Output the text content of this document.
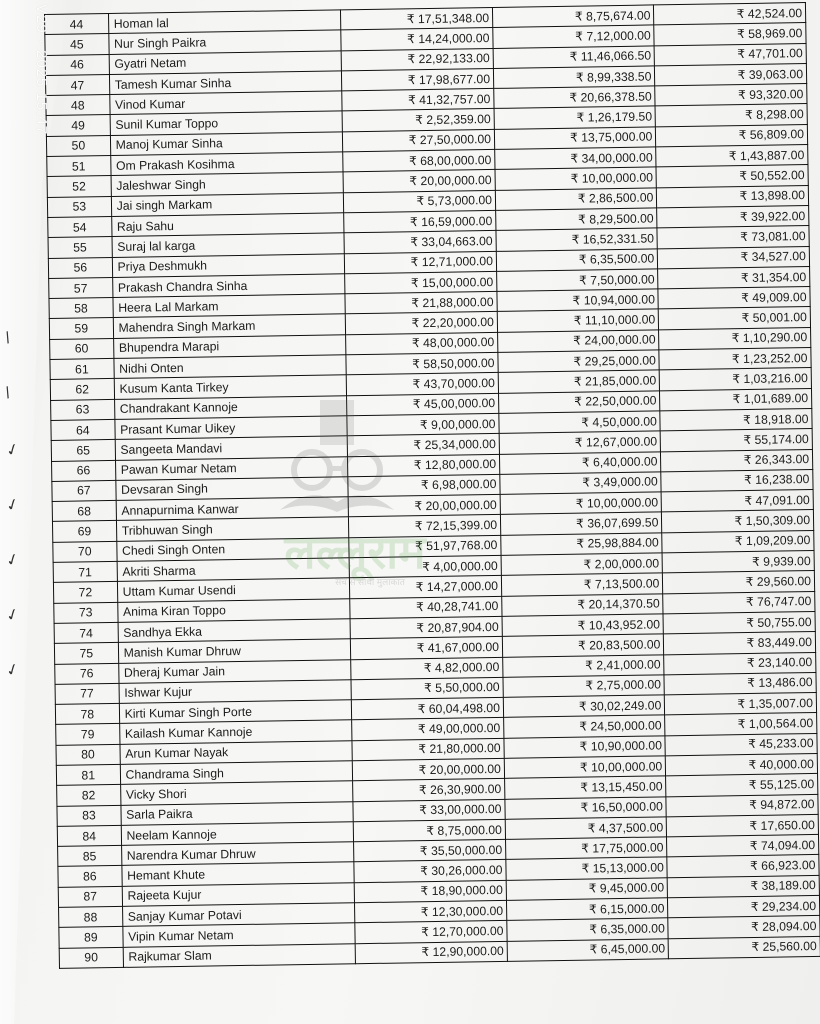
V29 · 2025 15:47
/
/
✓
✓
✓
✓
✓
44	Homan lal	₹ 17,51,348.00	₹ 8,75,674.00	₹ 42,524.00
45	Nur Singh Paikra	₹ 14,24,000.00	₹ 7,12,000.00	₹ 58,969.00
46	Gyatri Netam	₹ 22,92,133.00	₹ 11,46,066.50	₹ 47,701.00
47	Tamesh Kumar Sinha	₹ 17,98,677.00	₹ 8,99,338.50	₹ 39,063.00
48	Vinod Kumar	₹ 41,32,757.00	₹ 20,66,378.50	₹ 93,320.00
49	Sunil Kumar Toppo	₹ 2,52,359.00	₹ 1,26,179.50	₹ 8,298.00
50	Manoj Kumar Sinha	₹ 27,50,000.00	₹ 13,75,000.00	₹ 56,809.00
51	Om Prakash Kosihma	₹ 68,00,000.00	₹ 34,00,000.00	₹ 1,43,887.00
52	Jaleshwar Singh	₹ 20,00,000.00	₹ 10,00,000.00	₹ 50,552.00
53	Jai singh Markam	₹ 5,73,000.00	₹ 2,86,500.00	₹ 13,898.00
54	Raju Sahu	₹ 16,59,000.00	₹ 8,29,500.00	₹ 39,922.00
55	Suraj lal karga	₹ 33,04,663.00	₹ 16,52,331.50	₹ 73,081.00
56	Priya Deshmukh	₹ 12,71,000.00	₹ 6,35,500.00	₹ 34,527.00
57	Prakash Chandra Sinha	₹ 15,00,000.00	₹ 7,50,000.00	₹ 31,354.00
58	Heera Lal Markam	₹ 21,88,000.00	₹ 10,94,000.00	₹ 49,009.00
59	Mahendra Singh Markam	₹ 22,20,000.00	₹ 11,10,000.00	₹ 50,001.00
60	Bhupendra Marapi	₹ 48,00,000.00	₹ 24,00,000.00	₹ 1,10,290.00
61	Nidhi Onten	₹ 58,50,000.00	₹ 29,25,000.00	₹ 1,23,252.00
62	Kusum Kanta Tirkey	₹ 43,70,000.00	₹ 21,85,000.00	₹ 1,03,216.00
63	Chandrakant Kannoje	₹ 45,00,000.00	₹ 22,50,000.00	₹ 1,01,689.00
64	Prasant Kumar Uikey	₹ 9,00,000.00	₹ 4,50,000.00	₹ 18,918.00
65	Sangeeta Mandavi	₹ 25,34,000.00	₹ 12,67,000.00	₹ 55,174.00
66	Pawan Kumar Netam	₹ 12,80,000.00	₹ 6,40,000.00	₹ 26,343.00
67	Devsaran Singh	₹ 6,98,000.00	₹ 3,49,000.00	₹ 16,238.00
68	Annapurnima Kanwar	₹ 20,00,000.00	₹ 10,00,000.00	₹ 47,091.00
69	Tribhuwan Singh	₹ 72,15,399.00	₹ 36,07,699.50	₹ 1,50,309.00
70	Chedi Singh Onten	₹ 51,97,768.00	₹ 25,98,884.00	₹ 1,09,209.00
71	Akriti Sharma	₹ 4,00,000.00	₹ 2,00,000.00	₹ 9,939.00
72	Uttam Kumar Usendi	₹ 14,27,000.00	₹ 7,13,500.00	₹ 29,560.00
73	Anima Kiran Toppo	₹ 40,28,741.00	₹ 20,14,370.50	₹ 76,747.00
74	Sandhya Ekka	₹ 20,87,904.00	₹ 10,43,952.00	₹ 50,755.00
75	Manish Kumar Dhruw	₹ 41,67,000.00	₹ 20,83,500.00	₹ 83,449.00
76	Dheraj Kumar Jain	₹ 4,82,000.00	₹ 2,41,000.00	₹ 23,140.00
77	Ishwar Kujur	₹ 5,50,000.00	₹ 2,75,000.00	₹ 13,486.00
78	Kirti Kumar Singh Porte	₹ 60,04,498.00	₹ 30,02,249.00	₹ 1,35,007.00
79	Kailash Kumar Kannoje	₹ 49,00,000.00	₹ 24,50,000.00	₹ 1,00,564.00
80	Arun Kumar Nayak	₹ 21,80,000.00	₹ 10,90,000.00	₹ 45,233.00
81	Chandrama Singh	₹ 20,00,000.00	₹ 10,00,000.00	₹ 40,000.00
82	Vicky Shori	₹ 26,30,900.00	₹ 13,15,450.00	₹ 55,125.00
83	Sarla Paikra	₹ 33,00,000.00	₹ 16,50,000.00	₹ 94,872.00
84	Neelam Kannoje	₹ 8,75,000.00	₹ 4,37,500.00	₹ 17,650.00
85	Narendra Kumar Dhruw	₹ 35,50,000.00	₹ 17,75,000.00	₹ 74,094.00
86	Hemant Khute	₹ 30,26,000.00	₹ 15,13,000.00	₹ 66,923.00
87	Rajeeta Kujur	₹ 18,90,000.00	₹ 9,45,000.00	₹ 38,189.00
88	Sanjay Kumar Potavi	₹ 12,30,000.00	₹ 6,15,000.00	₹ 29,234.00
89	Vipin Kumar Netam	₹ 12,70,000.00	₹ 6,35,000.00	₹ 28,094.00
90	Rajkumar Slam	₹ 12,90,000.00	₹ 6,45,000.00	₹ 25,560.00
लल्लूराम
सच से सीधी मुलाकात
